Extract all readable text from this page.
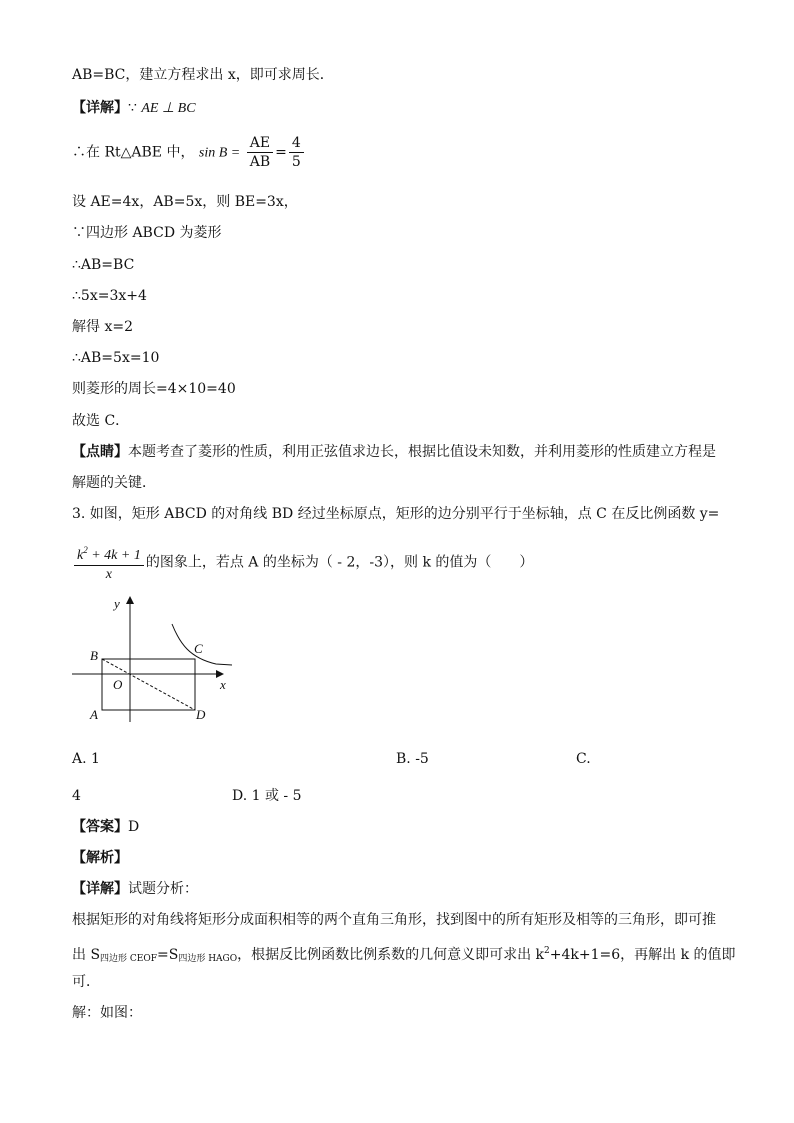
AB=BC，建立方程求出 x，即可求周长．
【详解】∵ AE ⊥ BC
∴在 Rt△ABE 中， $\sin B = \frac{AE}{AB} = \frac{4}{5}$
设 AE=4x，AB=5x，则 BE=3x，
∵四边形 ABCD 为菱形
∴AB=BC
∴5x=3x+4
解得 x=2
∴AB=5x=10
则菱形的周长=4×10=40
故选 C．
【点睛】本题考查了菱形的性质，利用正弦值求边长，根据比值设未知数，并利用菱形的性质建立方程是
解题的关键．
3. 如图，矩形 ABCD 的对角线 BD 经过坐标原点，矩形的边分别平行于坐标轴，点 C 在反比例函数 y=
$\frac{k^2 + 4k + 1}{x}$ 的图象上，若点 A 的坐标为（ - 2，-3），则 k 的值为（　　）
y
x
O
B
A
C
D
A. 1	B. -5	C.
4	D. 1 或 - 5
【答案】D
【解析】
【详解】试题分析：
根据矩形的对角线将矩形分成面积相等的两个直角三角形，找到图中的所有矩形及相等的三角形，即可推
出 $S_{四边形 CEOF}=S_{四边形 HAGO}$，根据反比例函数比例系数的几何意义即可求出 $k^2+4k+1=6$，再解出 k 的值即
可．
解：如图：
